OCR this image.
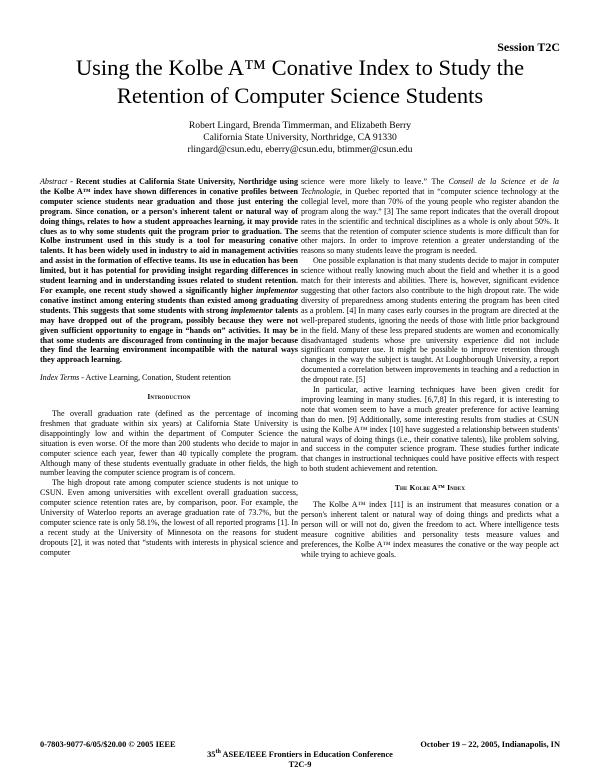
Session T2C
Using the Kolbe A™ Conative Index to Study the Retention of Computer Science Students
Robert Lingard, Brenda Timmerman, and Elizabeth Berry
California State University, Northridge, CA 91330
rlingard@csun.edu, eberry@csun.edu, btimmer@csun.edu

Abstract - Recent studies at California State University, Northridge using the Kolbe A™ index have shown differences in conative profiles between computer science students near graduation and those just entering the program. Since conation, or a person's inherent talent or natural way of doing things, relates to how a student approaches learning, it may provide clues as to why some students quit the program prior to graduation. The Kolbe instrument used in this study is a tool for measuring conative talents. It has been widely used in industry to aid in management activities and assist in the formation of effective teams. Its use in education has been limited, but it has potential for providing insight regarding differences in student learning and in understanding issues related to student retention. For example, one recent study showed a significantly higher implementor conative instinct among entering students than existed among graduating students. This suggests that some students with strong implementor talents may have dropped out of the program, possibly because they were not given sufficient opportunity to engage in “hands on” activities. It may be that some students are discouraged from continuing in the major because they find the learning environment incompatible with the natural ways they approach learning.

Index Terms - Active Learning, Conation, Student retention

Introduction

The overall graduation rate (defined as the percentage of incoming freshmen that graduate within six years) at California State University is disappointingly low and within the department of Computer Science the situation is even worse. Of the more than 200 students who decide to major in computer science each year, fewer than 40 typically complete the program. Although many of these students eventually graduate in other fields, the high number leaving the computer science program is of concern.

The high dropout rate among computer science students is not unique to CSUN. Even among universities with excellent overall graduation success, computer science retention rates are, by comparison, poor. For example, the University of Waterloo reports an average graduation rate of 73.7%, but the computer science rate is only 58.1%, the lowest of all reported programs [1]. In a recent study at the University of Minnesota on the reasons for student dropouts [2], it was noted that “students with interests in physical science and computer

science were more likely to leave.” The Conseil de la Science et de la Technologie, in Quebec reported that in “computer science technology at the collegial level, more than 70% of the young people who register abandon the program along the way.” [3] The same report indicates that the overall dropout rates in the scientific and technical disciplines as a whole is only about 50%. It seems that the retention of computer science students is more difficult than for other majors. In order to improve retention a greater understanding of the reasons so many students leave the program is needed.

One possible explanation is that many students decide to major in computer science without really knowing much about the field and whether it is a good match for their interests and abilities. There is, however, significant evidence suggesting that other factors also contribute to the high dropout rate. The wide diversity of preparedness among students entering the program has been cited as a problem. [4] In many cases early courses in the program are directed at the well-prepared students, ignoring the needs of those with little prior background in the field. Many of these less prepared students are women and economically disadvantaged students whose pre university experience did not include significant computer use. It might be possible to improve retention through changes in the way the subject is taught. At Loughborough University, a report documented a correlation between improvements in teaching and a reduction in the dropout rate. [5]

In particular, active learning techniques have been given credit for improving learning in many studies. [6,7,8] In this regard, it is interesting to note that women seem to have a much greater preference for active learning than do men. [9] Additionally, some interesting results from studies at CSUN using the Kolbe A™ index [10] have suggested a relationship between students' natural ways of doing things (i.e., their conative talents), like problem solving, and success in the computer science program. These studies further indicate that changes in instructional techniques could have positive effects with respect to both student achievement and retention.

The Kolbe A™ Index

The Kolbe A™ index [11] is an instrument that measures conation or a person's inherent talent or natural way of doing things and predicts what a person will or will not do, given the freedom to act. Where intelligence tests measure cognitive abilities and personality tests measure values and preferences, the Kolbe A™ index measures the conative or the way people act while trying to achieve goals.

0-7803-9077-6/05/$20.00 © 2005 IEEE	October 19 – 22, 2005, Indianapolis, IN
35th ASEE/IEEE Frontiers in Education Conference
T2C-9
